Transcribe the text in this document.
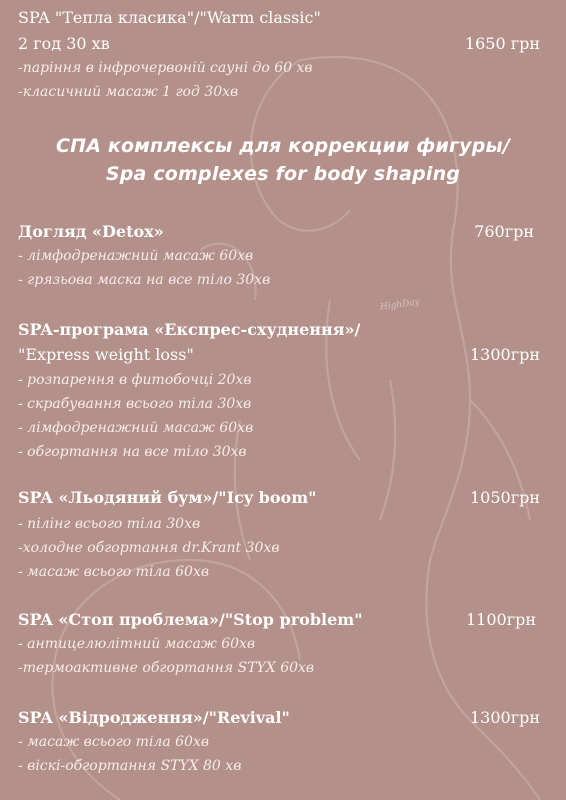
HighDay
SPA "Тепла класика"/"Warm classic"
2 год 30 хв	1650 грн
-паріння в інфрочервоній сауні до 60 хв
-класичний масаж 1 год 30хв
СПА комплексы для коррекции фигуры/
Spa complexes for body shaping
Догляд «Detox»	760грн
- лімфодренажний масаж 60хв
- грязьова маска на все тіло 30хв
SPA-програма «Експрес-схуднення»/
"Express weight loss"	1300грн
- розпарення в фитобочці 20хв
- скрабування всього тіла 30хв
- лімфодренажний масаж 60хв
- обгортання на все тіло 30хв
SPA «Льодяний бум»/"Icy boom"	1050грн
- пілінг всього тіла 30хв
-холодне обгортання dr.Krant 30хв
- масаж всього тіла 60хв
SPA «Стоп проблема»/"Stop problem"	1100грн
- антицелюлітний масаж 60хв
-термоактивне обгортання STYX 60хв
SPA «Відродження»/"Revival"	1300грн
- масаж всього тіла 60хв
- віскі-обгортання STYX 80 хв
